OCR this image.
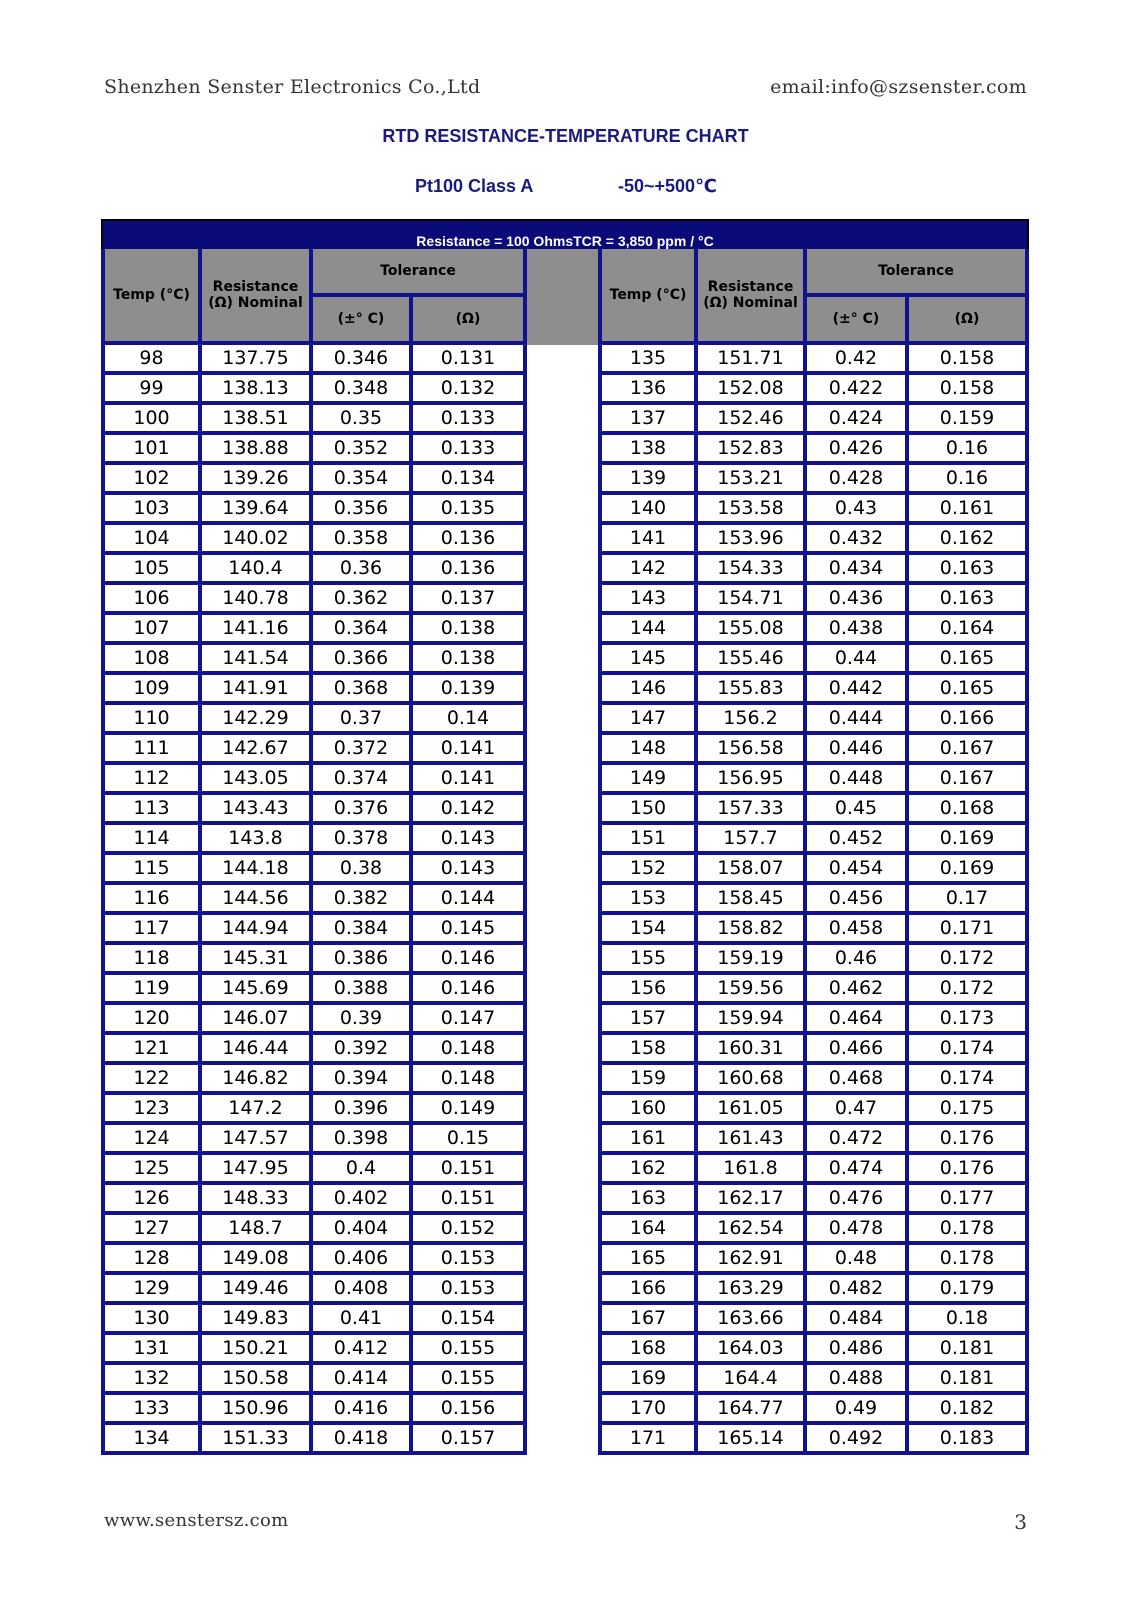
Shenzhen Senster Electronics Co.,Ltd	email:info@szsenster.com
RTD RESISTANCE-TEMPERATURE CHART
Pt100 Class A	-50~+500℃
Resistance = 100 OhmsTCR = 3,850 ppm / °C
Temp (°C)	Resistance (Ω) Nominal	Tolerance	
		(±° C)	(Ω)
98	137.75	0.346	0.131
99	138.13	0.348	0.132
100	138.51	0.35	0.133
101	138.88	0.352	0.133
102	139.26	0.354	0.134
103	139.64	0.356	0.135
104	140.02	0.358	0.136
105	140.4	0.36	0.136
106	140.78	0.362	0.137
107	141.16	0.364	0.138
108	141.54	0.366	0.138
109	141.91	0.368	0.139
110	142.29	0.37	0.14
111	142.67	0.372	0.141
112	143.05	0.374	0.141
113	143.43	0.376	0.142
114	143.8	0.378	0.143
115	144.18	0.38	0.143
116	144.56	0.382	0.144
117	144.94	0.384	0.145
118	145.31	0.386	0.146
119	145.69	0.388	0.146
120	146.07	0.39	0.147
121	146.44	0.392	0.148
122	146.82	0.394	0.148
123	147.2	0.396	0.149
124	147.57	0.398	0.15
125	147.95	0.4	0.151
126	148.33	0.402	0.151
127	148.7	0.404	0.152
128	149.08	0.406	0.153
129	149.46	0.408	0.153
130	149.83	0.41	0.154
131	150.21	0.412	0.155
132	150.58	0.414	0.155
133	150.96	0.416	0.156
134	151.33	0.418	0.157
Temp (°C)	Resistance (Ω) Nominal	Tolerance	
		(±° C)	(Ω)
135	151.71	0.42	0.158
136	152.08	0.422	0.158
137	152.46	0.424	0.159
138	152.83	0.426	0.16
139	153.21	0.428	0.16
140	153.58	0.43	0.161
141	153.96	0.432	0.162
142	154.33	0.434	0.163
143	154.71	0.436	0.163
144	155.08	0.438	0.164
145	155.46	0.44	0.165
146	155.83	0.442	0.165
147	156.2	0.444	0.166
148	156.58	0.446	0.167
149	156.95	0.448	0.167
150	157.33	0.45	0.168
151	157.7	0.452	0.169
152	158.07	0.454	0.169
153	158.45	0.456	0.17
154	158.82	0.458	0.171
155	159.19	0.46	0.172
156	159.56	0.462	0.172
157	159.94	0.464	0.173
158	160.31	0.466	0.174
159	160.68	0.468	0.174
160	161.05	0.47	0.175
161	161.43	0.472	0.176
162	161.8	0.474	0.176
163	162.17	0.476	0.177
164	162.54	0.478	0.178
165	162.91	0.48	0.178
166	163.29	0.482	0.179
167	163.66	0.484	0.18
168	164.03	0.486	0.181
169	164.4	0.488	0.181
170	164.77	0.49	0.182
171	165.14	0.492	0.183
www.senstersz.com	3
